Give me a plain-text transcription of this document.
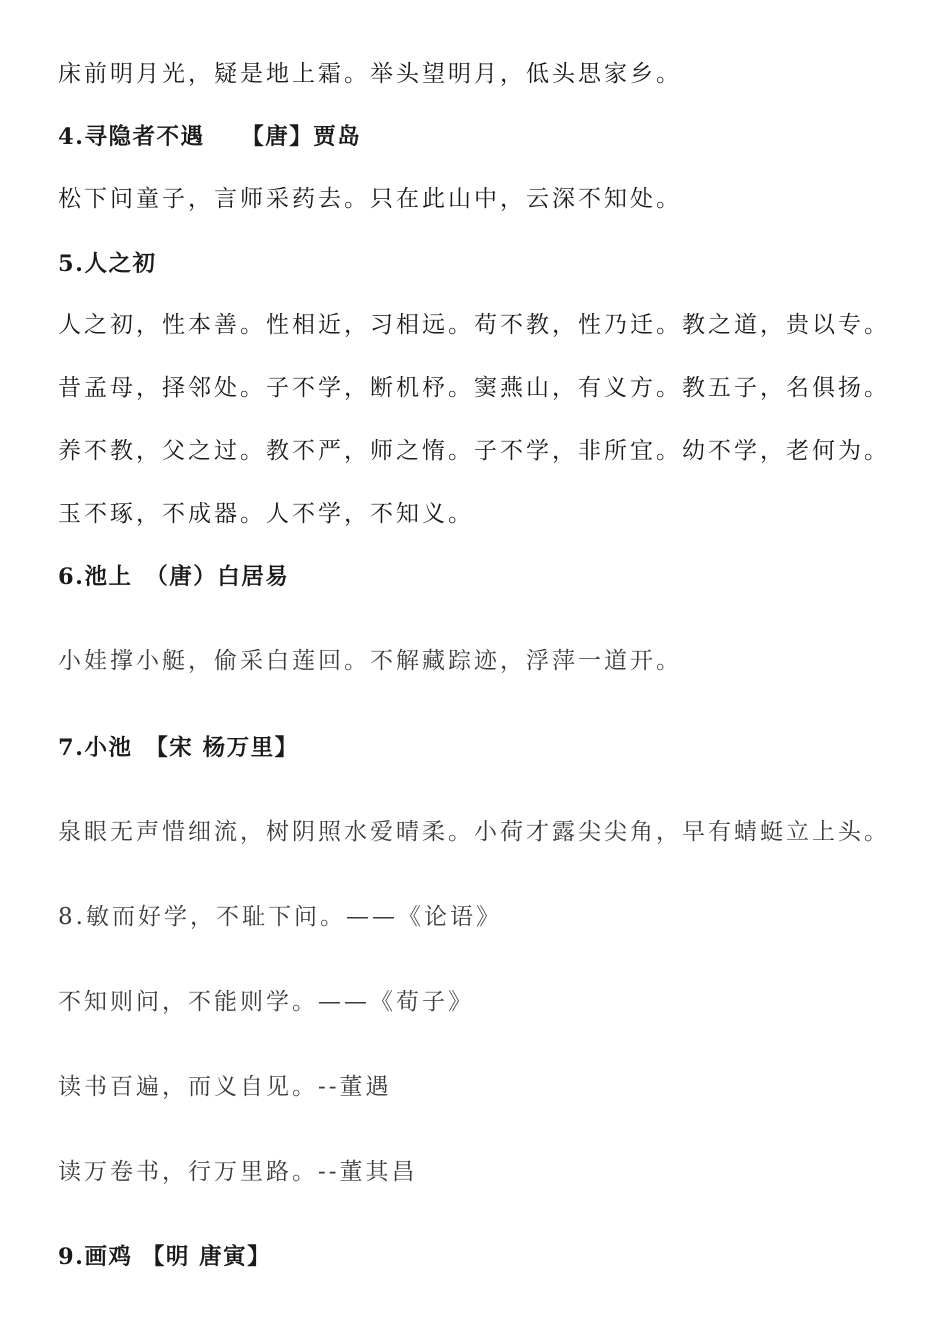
床前明月光，疑是地上霜。举头望明月，低头思家乡。
4.寻隐者不遇　　【唐】贾岛
松下问童子，言师采药去。只在此山中，云深不知处。
5.人之初
人之初，性本善。性相近，习相远。苟不教，性乃迁。教之道，贵以专。
昔孟母，择邻处。子不学，断机杼。窦燕山，有义方。教五子，名俱扬。
养不教，父之过。教不严，师之惰。子不学，非所宜。幼不学，老何为。
玉不琢，不成器。人不学，不知义。
6.池上　（唐）白居易
小娃撑小艇，偷采白莲回。不解藏踪迹，浮萍一道开。
7.小池　【宋 杨万里】
泉眼无声惜细流，树阴照水爱晴柔。小荷才露尖尖角，早有蜻蜓立上头。
8.敏而好学，不耻下问。——《论语》
不知则问，不能则学。——《荀子》
读书百遍，而义自见。--董遇
读万卷书，行万里路。--董其昌
9.画鸡 【明 唐寅】
